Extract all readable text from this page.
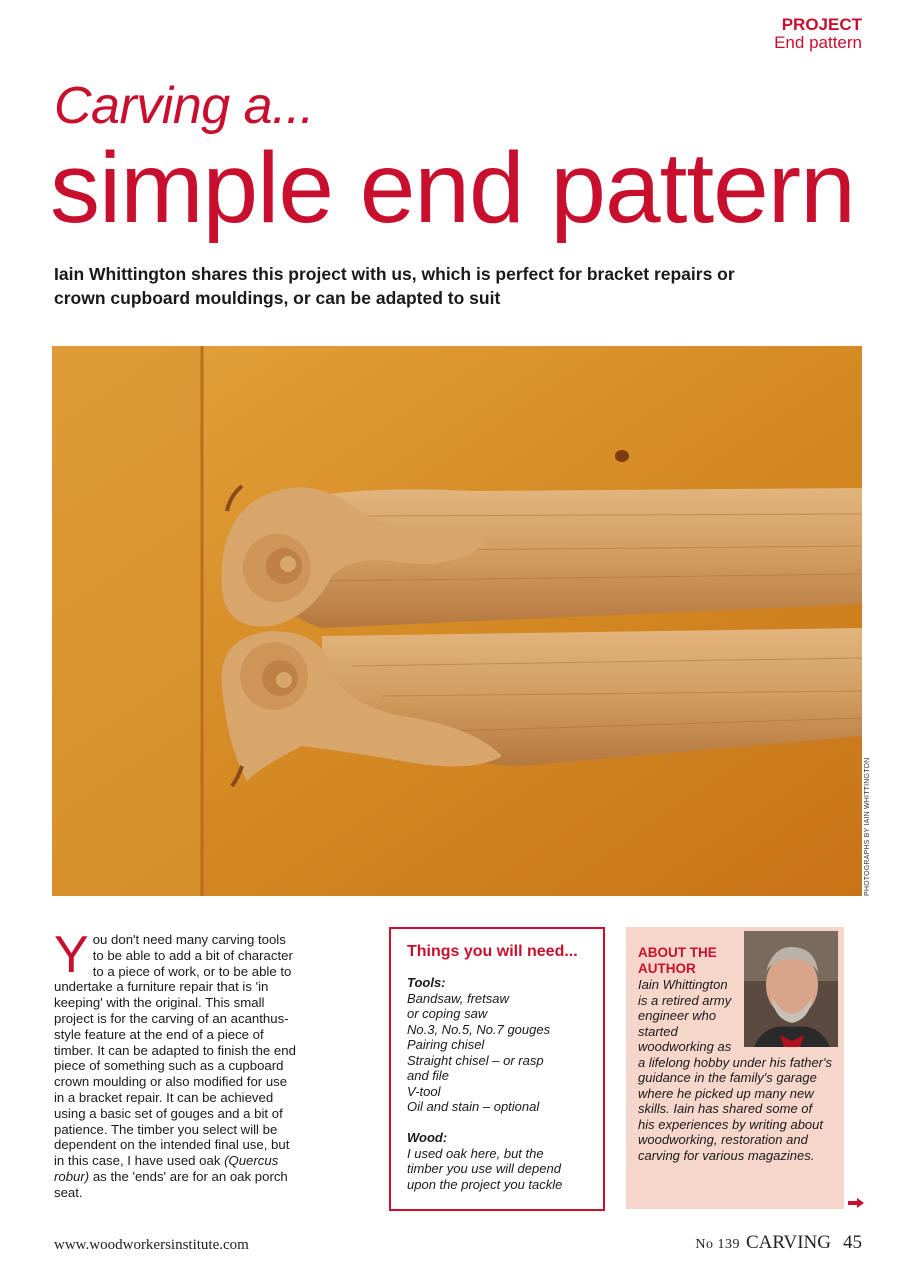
PROJECT
End pattern
Carving a...
simple end pattern
Iain Whittington shares this project with us, which is perfect for bracket repairs or crown cupboard mouldings, or can be adapted to suit
PHOTOGRAPHS BY IAIN WHITTINGTON
You don't need many carving tools to be able to add a bit of character to a piece of work, or to be able to undertake a furniture repair that is 'in keeping' with the original. This small project is for the carving of an acanthus-style feature at the end of a piece of timber. It can be adapted to finish the end piece of something such as a cupboard crown moulding or also modified for use in a bracket repair. It can be achieved using a basic set of gouges and a bit of patience. The timber you select will be dependent on the intended final use, but in this case, I have used oak (Quercus robur) as the 'ends' are for an oak porch seat.
Things you will need...
Tools:
Bandsaw, fretsaw
or coping saw
No.3, No.5, No.7 gouges
Pairing chisel
Straight chisel – or rasp
and file
V-tool
Oil and stain – optional
Wood:
I used oak here, but the
timber you use will depend
upon the project you tackle
ABOUT THE AUTHOR
Iain Whittington is a retired army engineer who started woodworking as a lifelong hobby under his father's guidance in the family's garage where he picked up many new skills. Iain has shared some of his experiences by writing about woodworking, restoration and carving for various magazines.
www.woodworkersinstitute.com	No 139 CARVING 45
